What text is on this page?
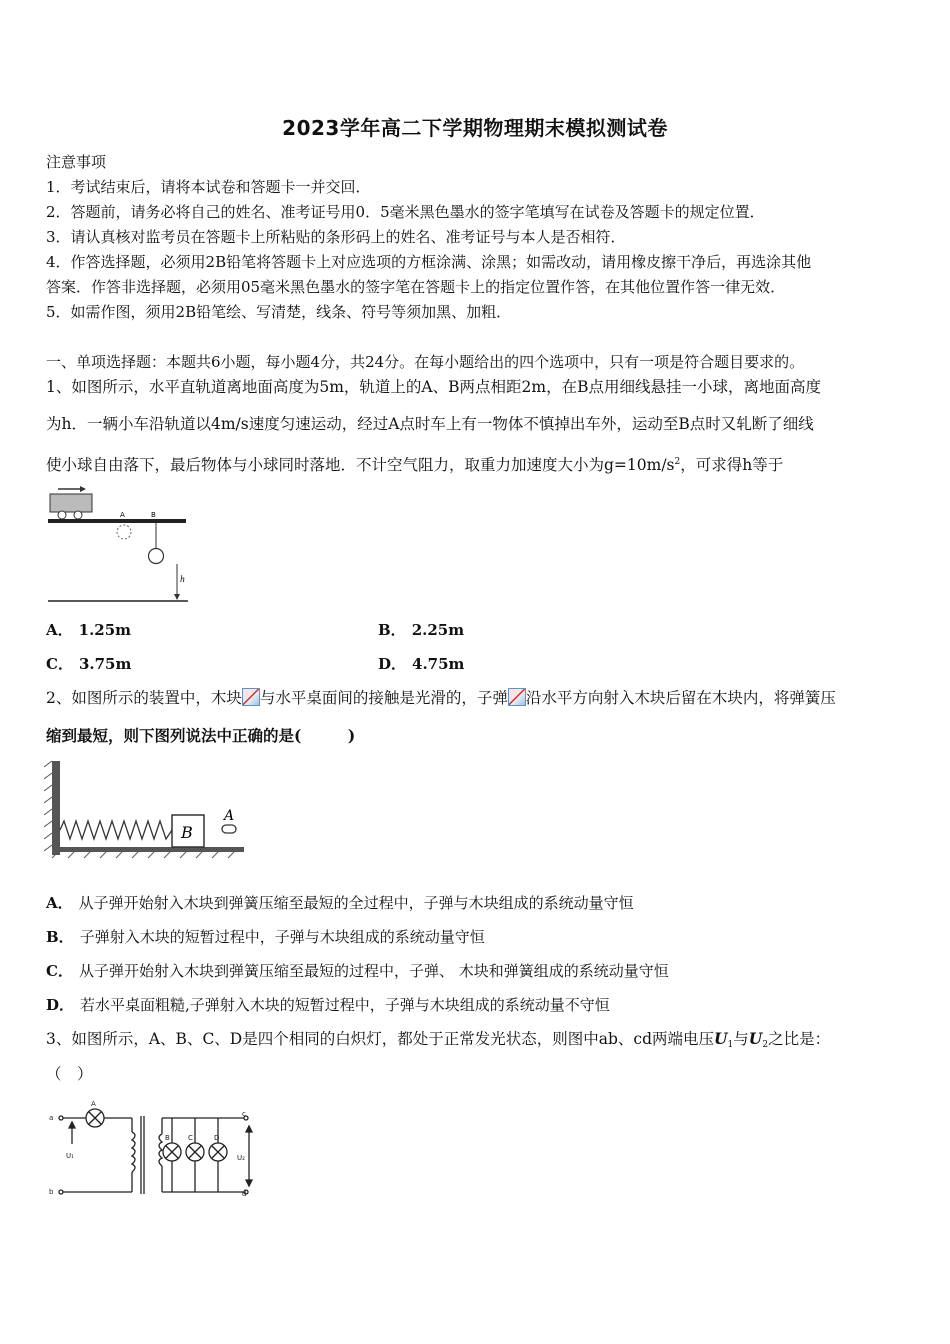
2023学年高二下学期物理期末模拟测试卷
注意事项
1．考试结束后，请将本试卷和答题卡一并交回．
2．答题前，请务必将自己的姓名、准考证号用0．5毫米黑色墨水的签字笔填写在试卷及答题卡的规定位置．
3．请认真核对监考员在答题卡上所粘贴的条形码上的姓名、准考证号与本人是否相符．
4．作答选择题，必须用2B铅笔将答题卡上对应选项的方框涂满、涂黑；如需改动，请用橡皮擦干净后，再选涂其他
答案．作答非选择题，必须用05毫米黑色墨水的签字笔在答题卡上的指定位置作答，在其他位置作答一律无效．
5．如需作图，须用2B铅笔绘、写清楚，线条、符号等须加黑、加粗．
一、单项选择题：本题共6小题，每小题4分，共24分。在每小题给出的四个选项中，只有一项是符合题目要求的。
1、如图所示，水平直轨道离地面高度为5m，轨道上的A、B两点相距2m，在B点用细线悬挂一小球，离地面高度
为h．一辆小车沿轨道以4m/s速度匀速运动，经过A点时车上有一物体不慎掉出车外，运动至B点时又轧断了细线
使小球自由落下，最后物体与小球同时落地．不计空气阻力，取重力加速度大小为$g=10m/s^2$，可求得h等于
A	B
h
A． 1.25m	B． 2.25m
C． 3.75m	D． 4.75m
2、如图所示的装置中，木块 与水平桌面间的接触是光滑的，子弹 沿水平方向射入木块后留在木块内，将弹簧压
缩到最短，则下图列说法中正确的是(　　　)
B
A
A． 从子弹开始射入木块到弹簧压缩至最短的全过程中，子弹与木块组成的系统动量守恒
B． 子弹射入木块的短暂过程中，子弹与木块组成的系统动量守恒
C． 从子弹开始射入木块到弹簧压缩至最短的过程中，子弹、 木块和弹簧组成的系统动量守恒
D． 若水平桌面粗糙,子弹射入木块的短暂过程中，子弹与木块组成的系统动量不守恒
3、如图所示，A、B、C、D是四个相同的白炽灯，都处于正常发光状态，则图中ab、cd两端电压$U_1$与$U_2$之比是：
（　）
a
b
c
d
A
B	C	D
U₁	U₂
